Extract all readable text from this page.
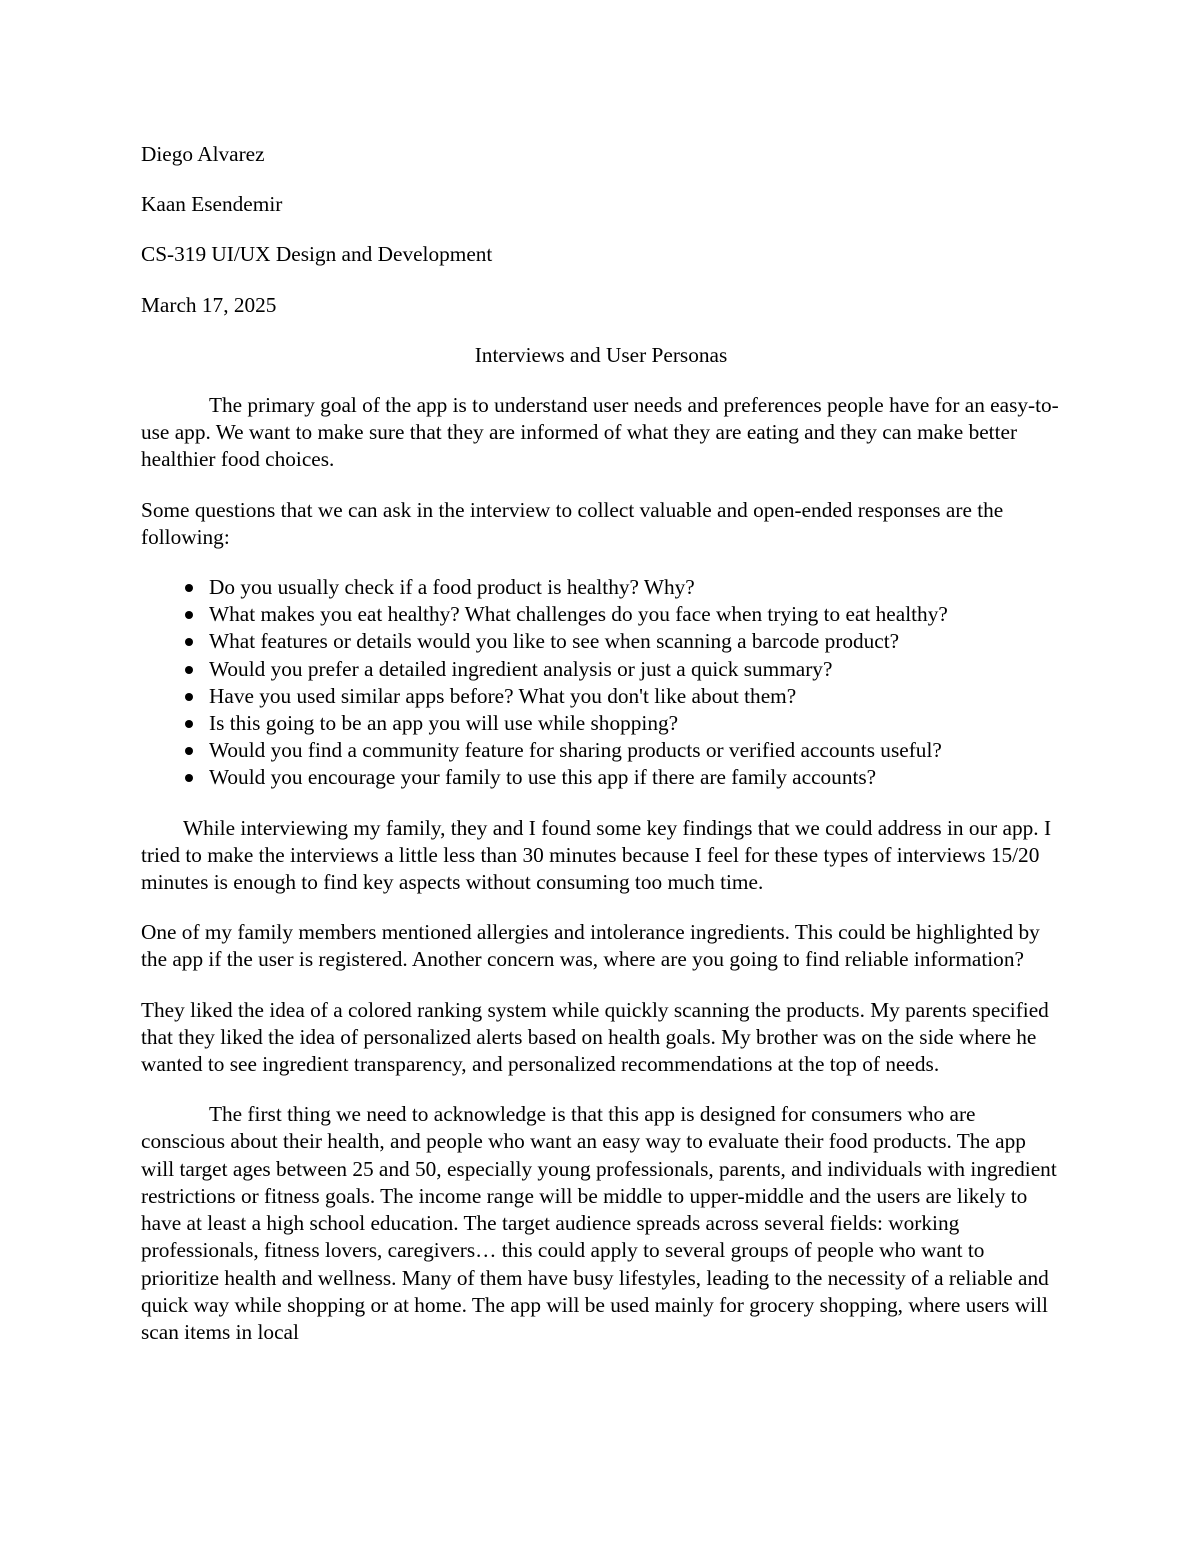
Diego Alvarez
Kaan Esendemir
CS-319 UI/UX Design and Development
March 17, 2025
Interviews and User Personas

The primary goal of the app is to understand user needs and preferences people have for an easy-to-use app. We want to make sure that they are informed of what they are eating and they can make better healthier food choices.

Some questions that we can ask in the interview to collect valuable and open-ended responses are the following:

Do you usually check if a food product is healthy? Why?
What makes you eat healthy? What challenges do you face when trying to eat healthy?
What features or details would you like to see when scanning a barcode product?
Would you prefer a detailed ingredient analysis or just a quick summary?
Have you used similar apps before? What you don't like about them?
Is this going to be an app you will use while shopping?
Would you find a community feature for sharing products or verified accounts useful?
Would you encourage your family to use this app if there are family accounts?

While interviewing my family, they and I found some key findings that we could address in our app. I tried to make the interviews a little less than 30 minutes because I feel for these types of interviews 15/20 minutes is enough to find key aspects without consuming too much time.

One of my family members mentioned allergies and intolerance ingredients. This could be highlighted by the app if the user is registered. Another concern was, where are you going to find reliable information?

They liked the idea of a colored ranking system while quickly scanning the products. My parents specified that they liked the idea of personalized alerts based on health goals. My brother was on the side where he wanted to see ingredient transparency, and personalized recommendations at the top of needs.

The first thing we need to acknowledge is that this app is designed for consumers who are conscious about their health, and people who want an easy way to evaluate their food products. The app will target ages between 25 and 50, especially young professionals, parents, and individuals with ingredient restrictions or fitness goals. The income range will be middle to upper-middle and the users are likely to have at least a high school education. The target audience spreads across several fields: working professionals, fitness lovers, caregivers… this could apply to several groups of people who want to prioritize health and wellness. Many of them have busy lifestyles, leading to the necessity of a reliable and quick way while shopping or at home. The app will be used mainly for grocery shopping, where users will scan items in local
